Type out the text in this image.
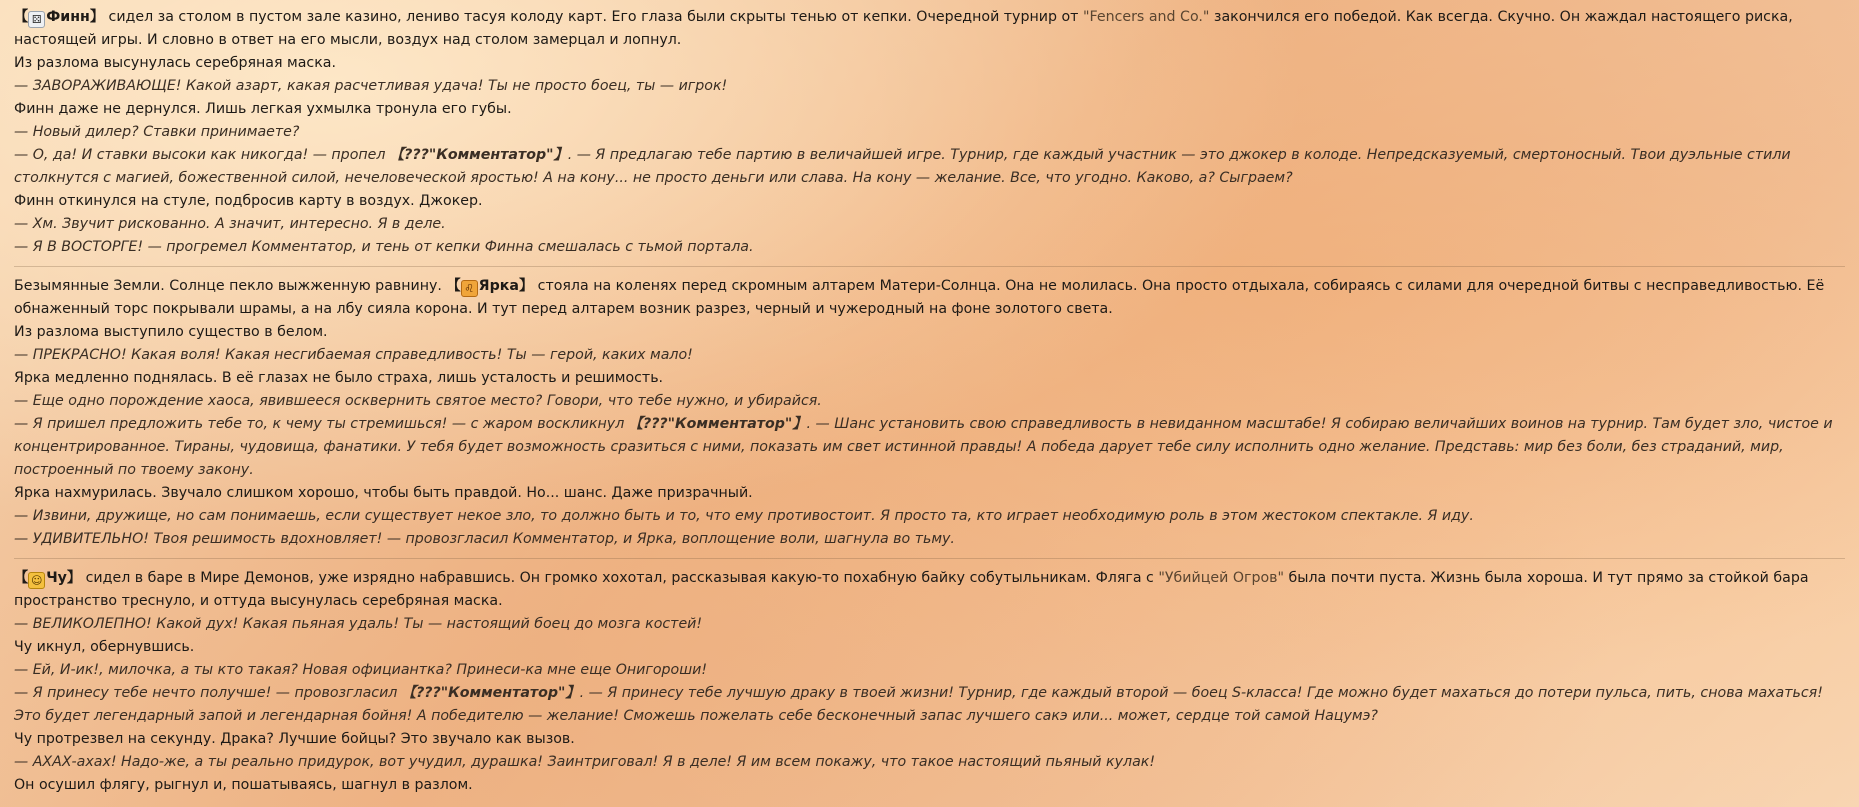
【 ⚄ Финн】 сидел за столом в пустом зале казино, лениво тасуя колоду карт. Его глаза были скрыты тенью от кепки. Очередной турнир от "Fencers and Co." закончился его победой. Как всегда. Скучно. Он жаждал настоящего риска, настоящей игры. И словно в ответ на его мысли, воздух над столом замерцал и лопнул.

Из разлома высунулась серебряная маска.

— ЗАВОРАЖИВАЮЩЕ! Какой азарт, какая расчетливая удача! Ты не просто боец, ты — игрок!

Финн даже не дернулся. Лишь легкая ухмылка тронула его губы.

— Новый дилер? Ставки принимаете?

— О, да! И ставки высоки как никогда! — пропел 【???"Комментатор"】. — Я предлагаю тебе партию в величайшей игре. Турнир, где каждый участник — это джокер в колоде. Непредсказуемый, смертоносный. Твои дуэльные стили столкнутся с магией, божественной силой, нечеловеческой яростью! А на кону... не просто деньги или слава. На кону — желание. Все, что угодно. Каково, а? Сыграем?

Финн откинулся на стуле, подбросив карту в воздух. Джокер.

— Хм. Звучит рискованно. А значит, интересно. Я в деле.

— Я В ВОСТОРГЕ! — прогремел Комментатор, и тень от кепки Финна смешалась с тьмой портала.

Безымянные Земли. Солнце пекло выжженную равнину. 【 ♌ Ярка】 стояла на коленях перед скромным алтарем Матери-Солнца. Она не молилась. Она просто отдыхала, собираясь с силами для очередной битвы с несправедливостью. Её обнаженный торс покрывали шрамы, а на лбу сияла корона. И тут перед алтарем возник разрез, черный и чужеродный на фоне золотого света.

Из разлома выступило существо в белом.

— ПРЕКРАСНО! Какая воля! Какая несгибаемая справедливость! Ты — герой, каких мало!

Ярка медленно поднялась. В её глазах не было страха, лишь усталость и решимость.

— Еще одно порождение хаоса, явившееся осквернить святое место? Говори, что тебе нужно, и убирайся.

— Я пришел предложить тебе то, к чему ты стремишься! — с жаром воскликнул 【???"Комментатор"】. — Шанс установить свою справедливость в невиданном масштабе! Я собираю величайших воинов на турнир. Там будет зло, чистое и концентрированное. Тираны, чудовища, фанатики. У тебя будет возможность сразиться с ними, показать им свет истинной правды! А победа дарует тебе силу исполнить одно желание. Представь: мир без боли, без страданий, мир, построенный по твоему закону.

Ярка нахмурилась. Звучало слишком хорошо, чтобы быть правдой. Но... шанс. Даже призрачный.

— Извини, дружище, но сам понимаешь, если существует некое зло, то должно быть и то, что ему противостоит. Я просто та, кто играет необходимую роль в этом жестоком спектакле. Я иду.

— УДИВИТЕЛЬНО! Твоя решимость вдохновляет! — провозгласил Комментатор, и Ярка, воплощение воли, шагнула во тьму.

【 ☺ Чу】 сидел в баре в Мире Демонов, уже изрядно набравшись. Он громко хохотал, рассказывая какую-то похабную байку собутыльникам. Фляга с "Убийцей Огров" была почти пуста. Жизнь была хороша. И тут прямо за стойкой бара пространство треснуло, и оттуда высунулась серебряная маска.

— ВЕЛИКОЛЕПНО! Какой дух! Какая пьяная удаль! Ты — настоящий боец до мозга костей!

Чу икнул, обернувшись.

— Ей, И-ик!, милочка, а ты кто такая? Новая официантка? Принеси-ка мне еще Онигороши!

— Я принесу тебе нечто получше! — провозгласил 【???"Комментатор"】. — Я принесу тебе лучшую драку в твоей жизни! Турнир, где каждый второй — боец S-класса! Где можно будет махаться до потери пульса, пить, снова махаться! Это будет легендарный запой и легендарная бойня! А победителю — желание! Сможешь пожелать себе бесконечный запас лучшего сакэ или... может, сердце той самой Нацумэ?

Чу протрезвел на секунду. Драка? Лучшие бойцы? Это звучало как вызов.

— АХАХ-ахах! Надо-же, а ты реально придурок, вот учудил, дурашка! Заинтриговал! Я в деле! Я им всем покажу, что такое настоящий пьяный кулак!

Он осушил флягу, рыгнул и, пошатываясь, шагнул в разлом.
